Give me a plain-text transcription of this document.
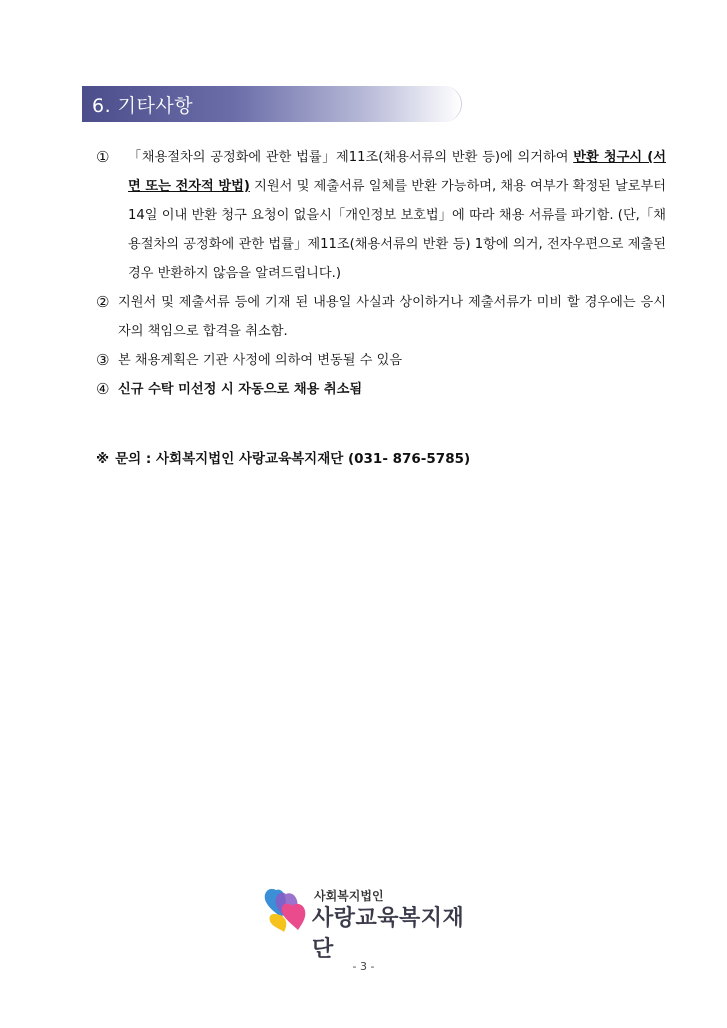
6. 기타사항
① 「채용절차의 공정화에 관한 법률」제11조(채용서류의 반환 등)에 의거하여 반환 청구시 (서면 또는 전자적 방법) 지원서 및 제출서류 일체를 반환 가능하며, 채용 여부가 확정된 날로부터 14일 이내 반환 청구 요청이 없을시「개인정보 보호법」에 따라 채용 서류를 파기함. (단,「채용절차의 공정화에 관한 법률」제11조(채용서류의 반환 등) 1항에 의거, 전자우편으로 제출된 경우 반환하지 않음을 알려드립니다.)
② 지원서 및 제출서류 등에 기재 된 내용일 사실과 상이하거나 제출서류가 미비 할 경우에는 응시자의 책임으로 합격을 취소함.
③ 본 채용계획은 기관 사정에 의하여 변동될 수 있음
④ 신규 수탁 미선정 시 자동으로 채용 취소됨
※ 문의 : 사회복지법인 사랑교육복지재단 (031- 876-5785)
사회복지법인
사랑교육복지재단
- 3 -
